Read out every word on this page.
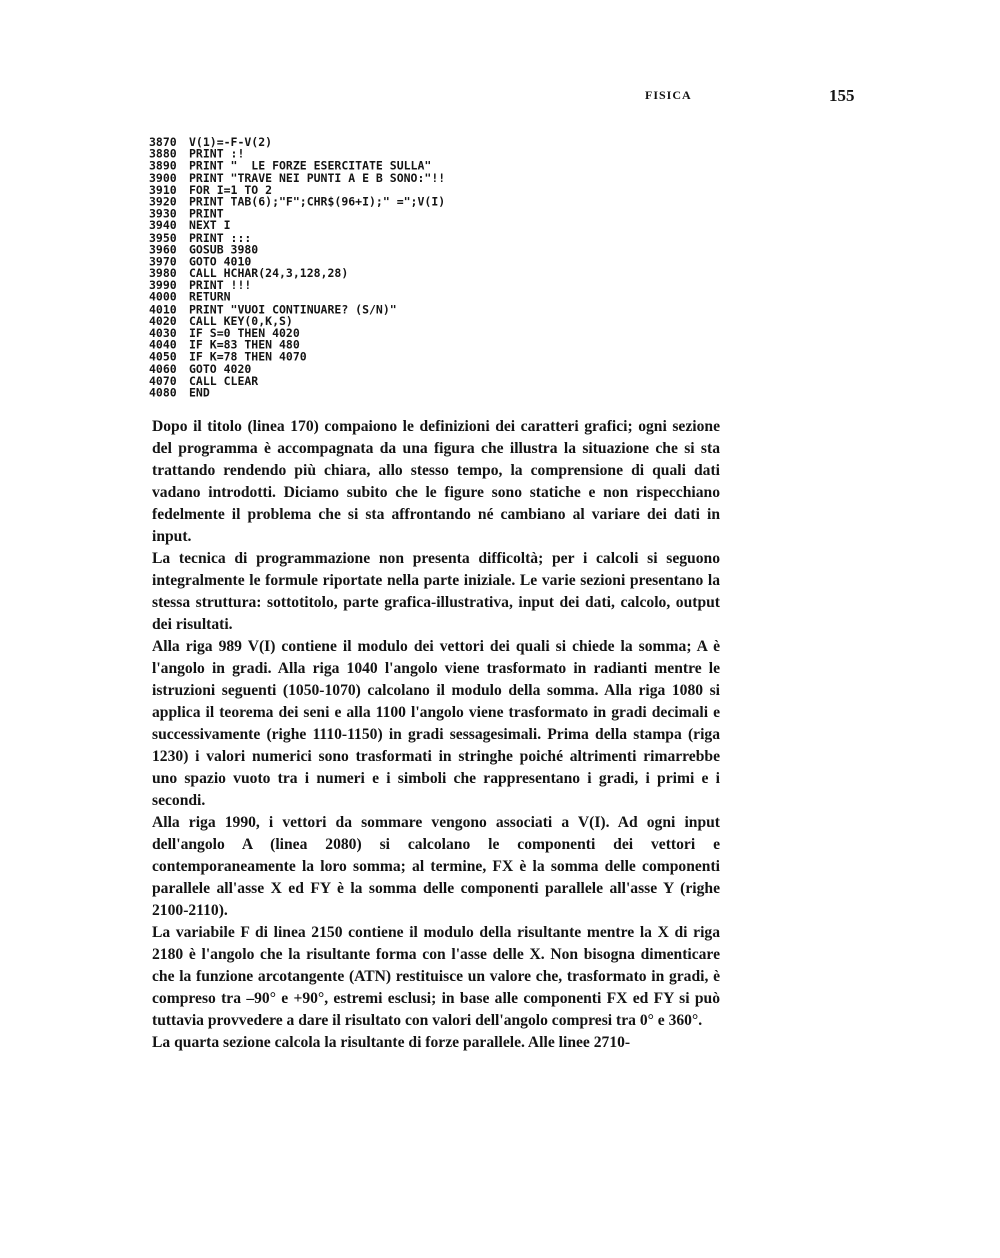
FISICA	155
3870 V(1)=-F-V(2)
3880 PRINT :!
3890 PRINT "  LE FORZE ESERCITATE SULLA"
3900 PRINT "TRAVE NEI PUNTI A E B SONO:"!!
3910 FOR I=1 TO 2
3920 PRINT TAB(6);"F";CHR$(96+I);" =";V(I)
3930 PRINT
3940 NEXT I
3950 PRINT :::
3960 GOSUB 3980
3970 GOTO 4010
3980 CALL HCHAR(24,3,128,28)
3990 PRINT !!!
4000 RETURN
4010 PRINT "VUOI CONTINUARE? (S/N)"
4020 CALL KEY(0,K,S)
4030 IF S=0 THEN 4020
4040 IF K=83 THEN 480
4050 IF K=78 THEN 4070
4060 GOTO 4020
4070 CALL CLEAR
4080 END

Dopo il titolo (linea 170) compaiono le definizioni dei caratteri grafici; ogni sezione del programma è accompagnata da una figura che illustra la situazione che si sta trattando rendendo più chiara, allo stesso tempo, la comprensione di quali dati vadano introdotti. Diciamo subito che le figure sono statiche e non rispecchiano fedelmente il problema che si sta affrontando né cambiano al variare dei dati in input.

La tecnica di programmazione non presenta difficoltà; per i calcoli si seguono integralmente le formule riportate nella parte iniziale. Le varie sezioni presentano la stessa struttura: sottotitolo, parte grafica-illustrativa, input dei dati, calcolo, output dei risultati.

Alla riga 989 V(I) contiene il modulo dei vettori dei quali si chiede la somma; A è l'angolo in gradi. Alla riga 1040 l'angolo viene trasformato in radianti mentre le istruzioni seguenti (1050-1070) calcolano il modulo della somma. Alla riga 1080 si applica il teorema dei seni e alla 1100 l'angolo viene trasformato in gradi decimali e successivamente (righe 1110-1150) in gradi sessagesimali. Prima della stampa (riga 1230) i valori numerici sono trasformati in stringhe poiché altrimenti rimarrebbe uno spazio vuoto tra i numeri e i simboli che rappresentano i gradi, i primi e i secondi.

Alla riga 1990, i vettori da sommare vengono associati a V(I). Ad ogni input dell'angolo A (linea 2080) si calcolano le componenti dei vettori e contemporaneamente la loro somma; al termine, FX è la somma delle componenti parallele all'asse X ed FY è la somma delle componenti parallele all'asse Y (righe 2100-2110).

La variabile F di linea 2150 contiene il modulo della risultante mentre la X di riga 2180 è l'angolo che la risultante forma con l'asse delle X. Non bisogna dimenticare che la funzione arcotangente (ATN) restituisce un valore che, trasformato in gradi, è compreso tra –90° e +90°, estremi esclusi; in base alle componenti FX ed FY si può tuttavia provvedere a dare il risultato con valori dell'angolo compresi tra 0° e 360°.

La quarta sezione calcola la risultante di forze parallele. Alle linee 2710-
